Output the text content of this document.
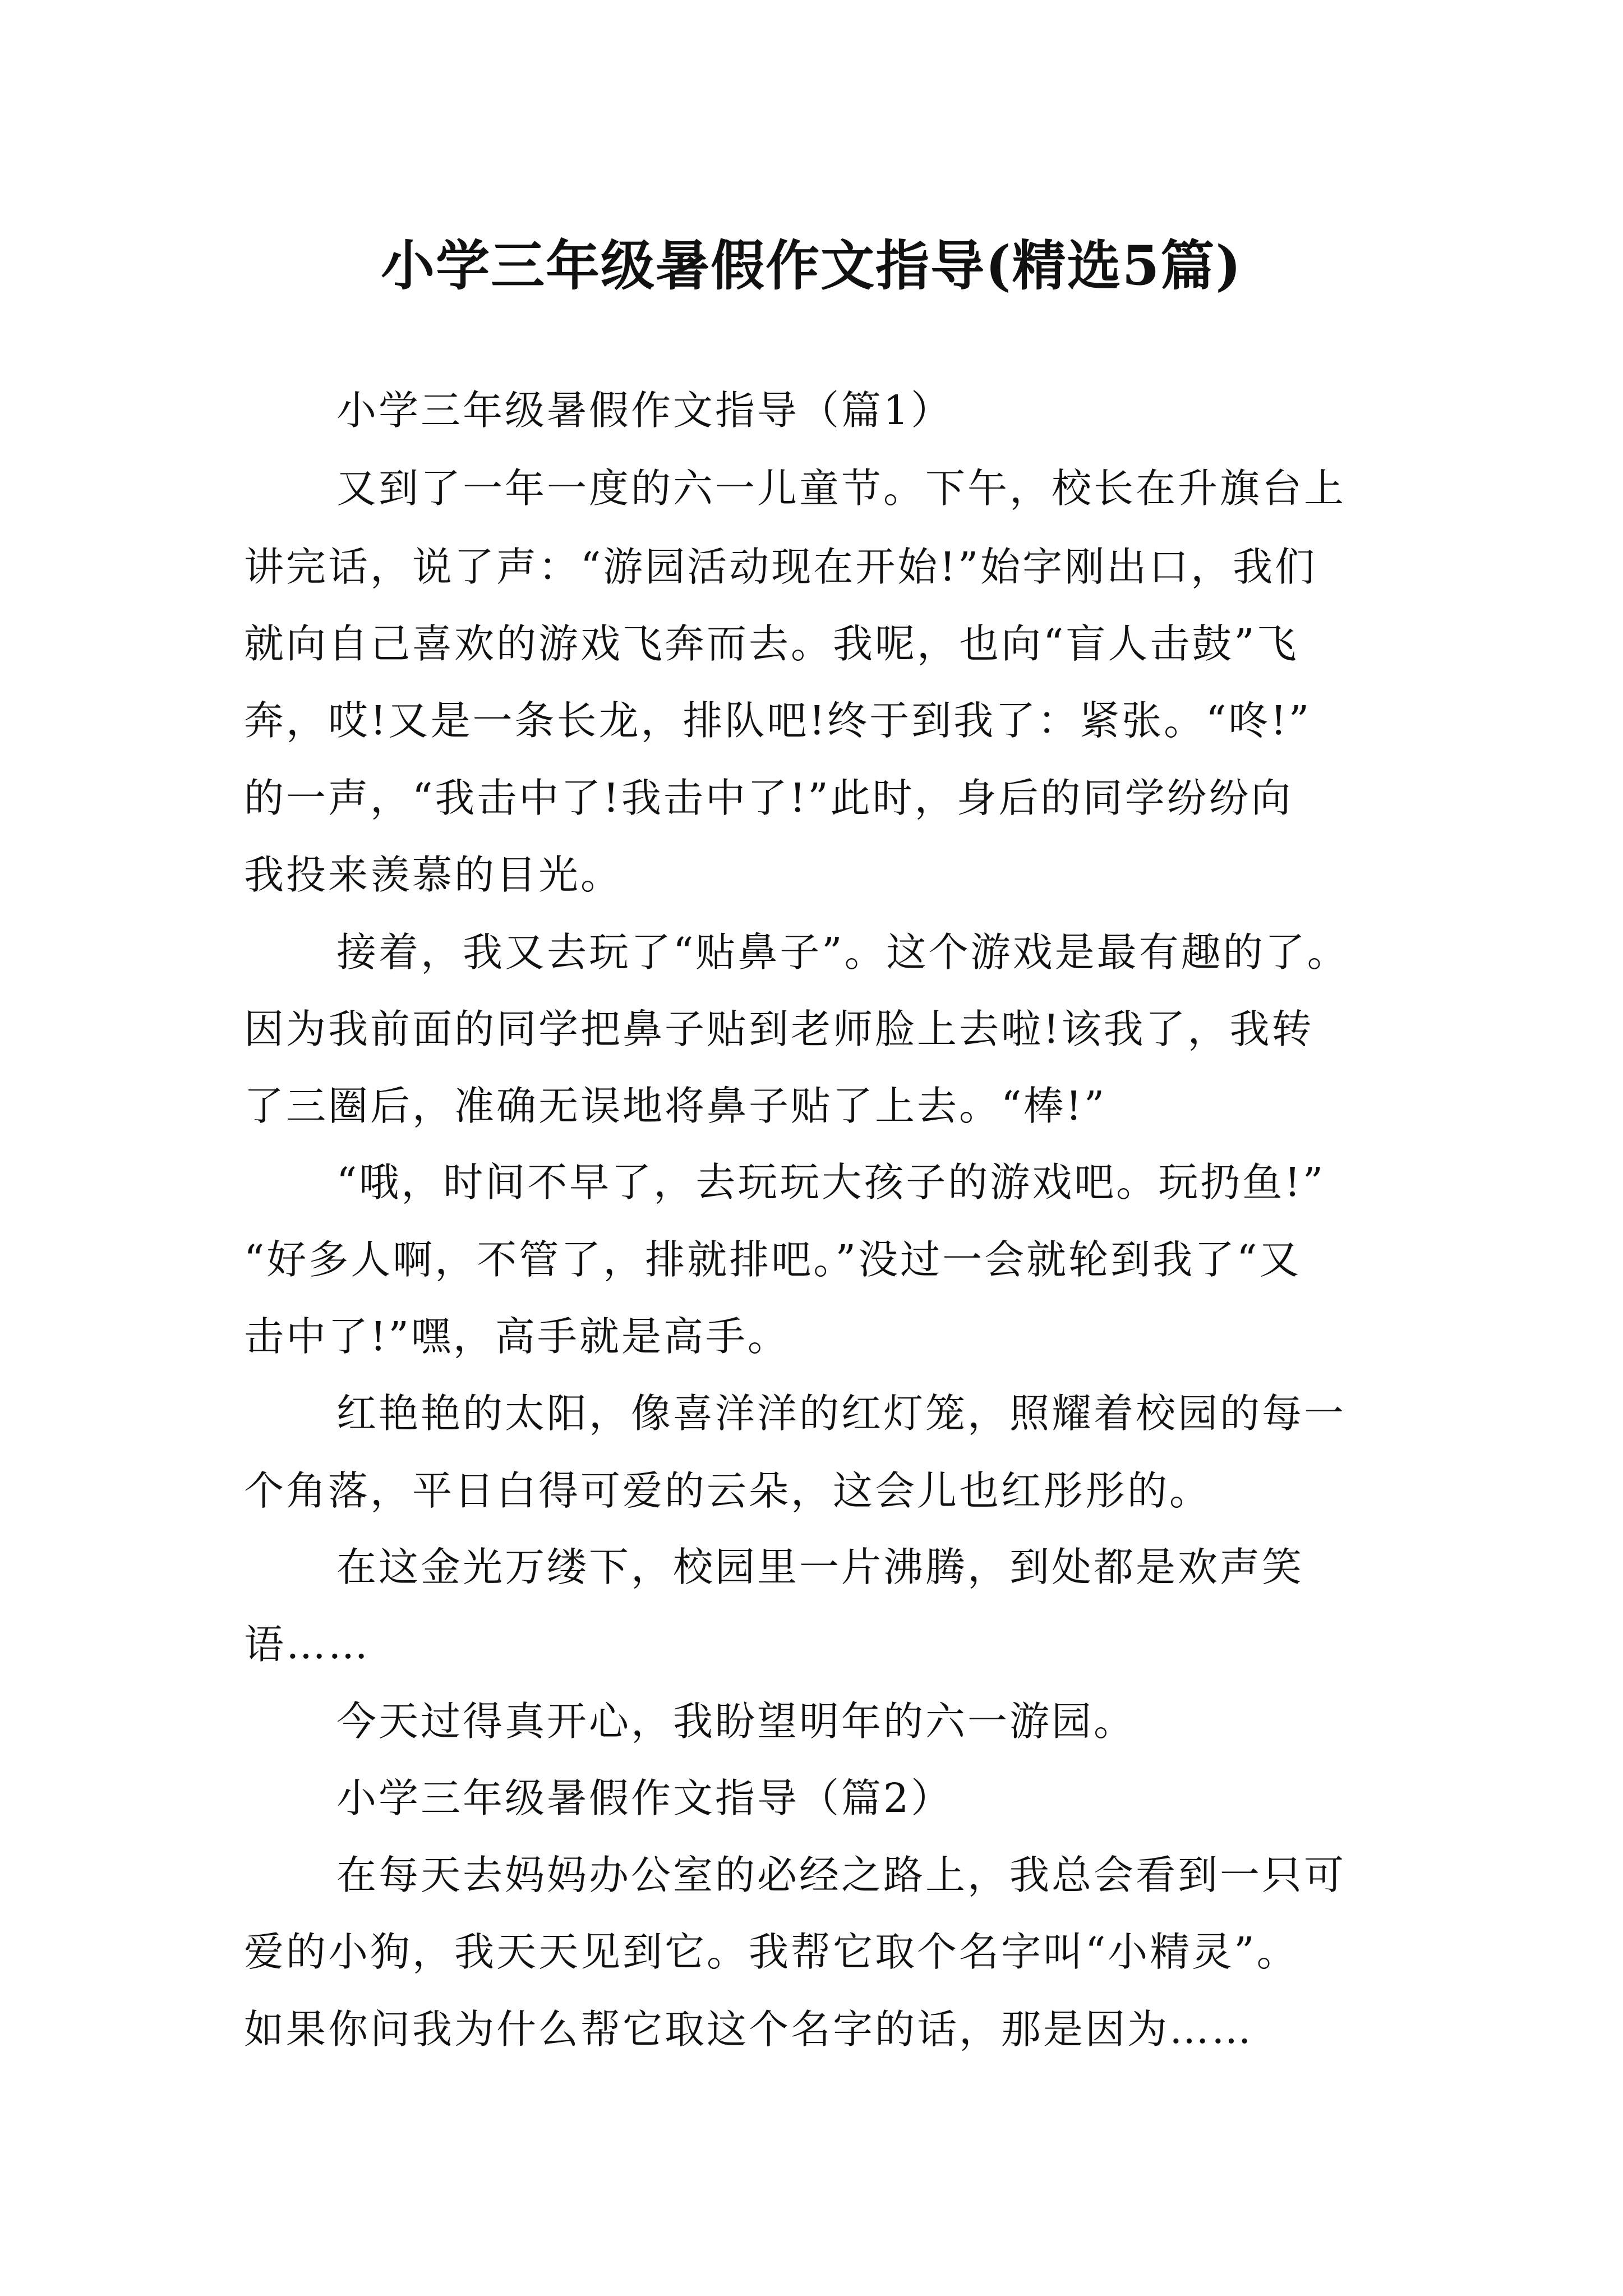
小学三年级暑假作文指导(精选5篇)
小学三年级暑假作文指导（篇1）
又到了一年一度的六一儿童节。下午，校长在升旗台上
讲完话，说了声：“游园活动现在开始!”始字刚出口，我们
就向自己喜欢的游戏飞奔而去。我呢，也向“盲人击鼓”飞
奔，哎!又是一条长龙，排队吧!终于到我了：紧张。“咚!”
的一声，“我击中了!我击中了!”此时，身后的同学纷纷向
我投来羡慕的目光。
接着，我又去玩了“贴鼻子”。这个游戏是最有趣的了。
因为我前面的同学把鼻子贴到老师脸上去啦!该我了，我转
了三圈后，准确无误地将鼻子贴了上去。“棒!”
“哦，时间不早了，去玩玩大孩子的游戏吧。玩扔鱼!”
“好多人啊，不管了，排就排吧。”没过一会就轮到我了“又
击中了!”嘿，高手就是高手。
红艳艳的太阳，像喜洋洋的红灯笼，照耀着校园的每一
个角落，平日白得可爱的云朵，这会儿也红彤彤的。
在这金光万缕下，校园里一片沸腾，到处都是欢声笑
语……
今天过得真开心，我盼望明年的六一游园。
小学三年级暑假作文指导（篇2）
在每天去妈妈办公室的必经之路上，我总会看到一只可
爱的小狗，我天天见到它。我帮它取个名字叫“小精灵”。
如果你问我为什么帮它取这个名字的话，那是因为……
